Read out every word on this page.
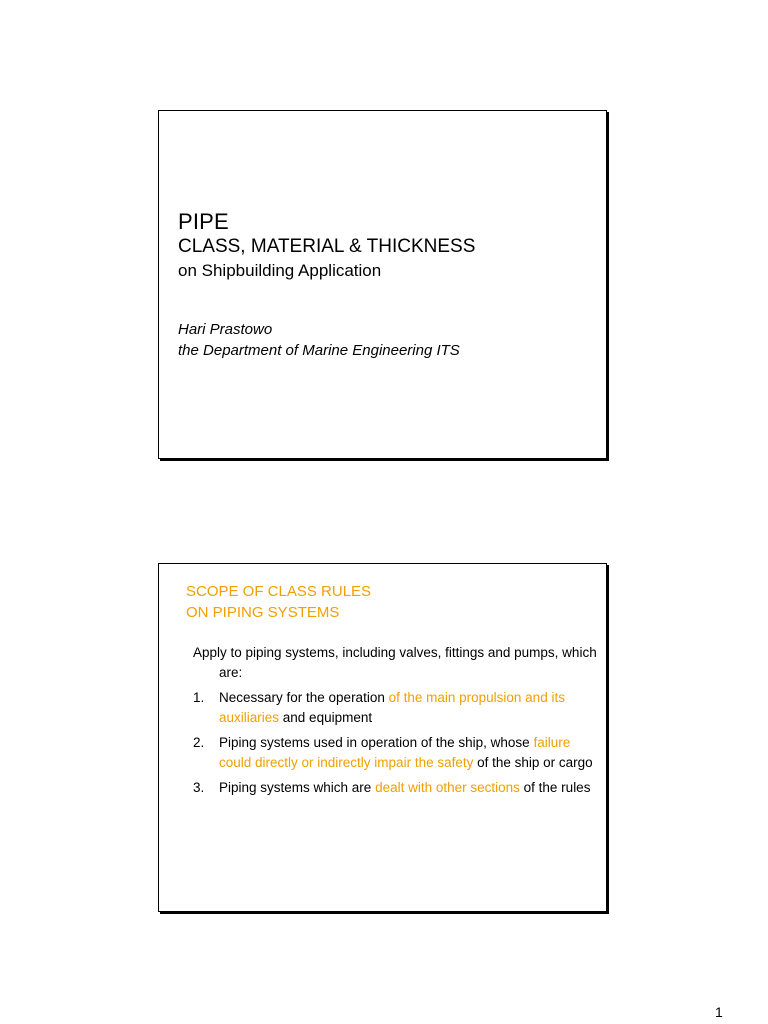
PIPE
CLASS, MATERIAL & THICKNESS
on Shipbuilding Application
Hari Prastowo
the Department of Marine Engineering ITS
SCOPE OF CLASS RULES
ON PIPING SYSTEMS
Apply to piping systems, including valves, fittings and pumps, which are:
1. Necessary for the operation of the main propulsion and its auxiliaries and equipment
2. Piping systems used in operation of the ship, whose failure could directly or indirectly impair the safety of the ship or cargo
3. Piping systems which are dealt with other sections of the rules
1
